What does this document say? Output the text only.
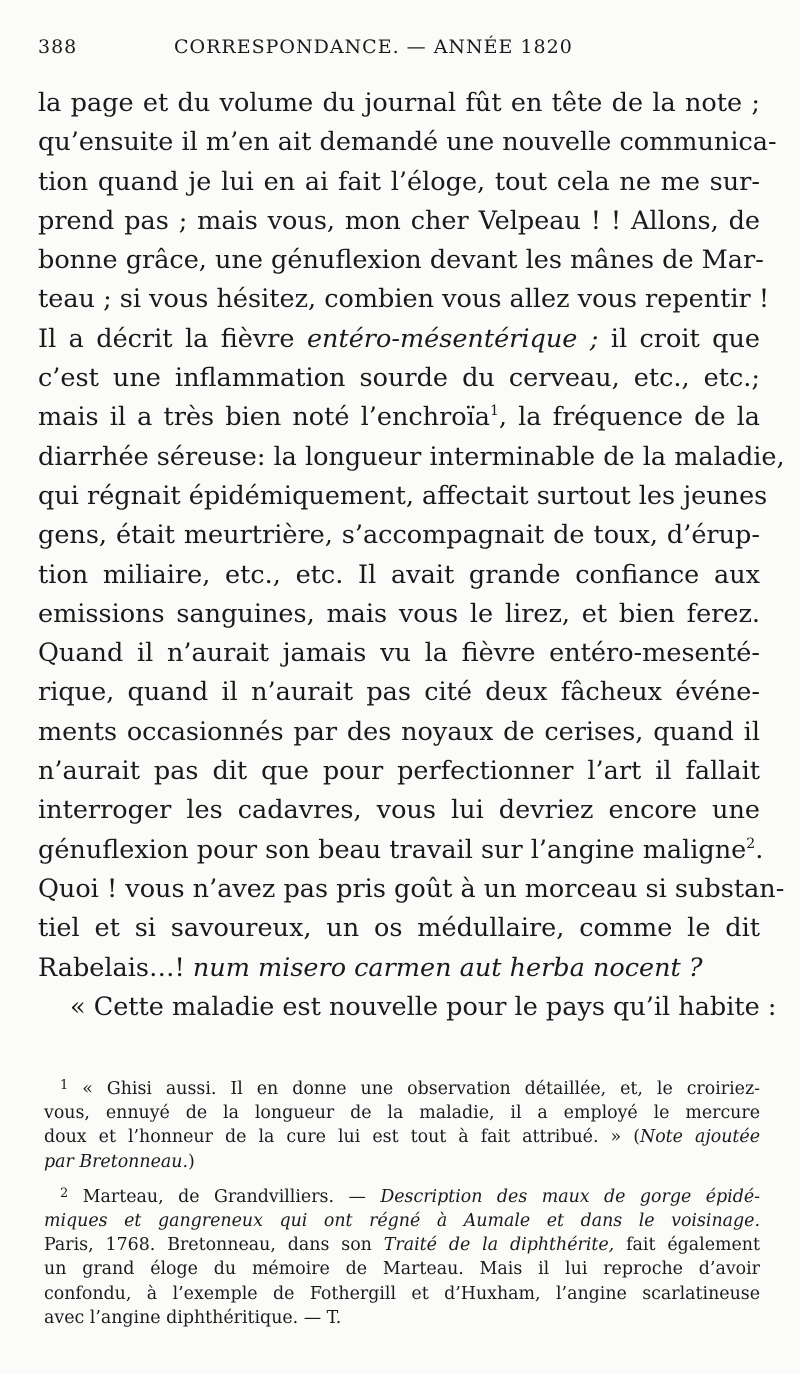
388	CORRESPONDANCE. — ANNÉE 1820
la page et du volume du journal fût en tête de la note ;
qu’ensuite il m’en ait demandé une nouvelle communica-
tion quand je lui en ai fait l’éloge, tout cela ne me sur-
prend pas ; mais vous, mon cher Velpeau ! ! Allons, de
bonne grâce, une génuflexion devant les mânes de Mar-
teau ; si vous hésitez, combien vous allez vous repentir !
Il a décrit la fièvre entéro-mésentérique ; il croit que
c’est une inflammation sourde du cerveau, etc., etc.;
mais il a très bien noté l’enchroïa$^1$, la fréquence de la
diarrhée séreuse: la longueur interminable de la maladie,
qui régnait épidémiquement, affectait surtout les jeunes
gens, était meurtrière, s’accompagnait de toux, d’érup-
tion miliaire, etc., etc. Il avait grande confiance aux
emissions sanguines, mais vous le lirez, et bien ferez.
Quand il n’aurait jamais vu la fièvre entéro-mesenté-
rique, quand il n’aurait pas cité deux fâcheux événe-
ments occasionnés par des noyaux de cerises, quand il
n’aurait pas dit que pour perfectionner l’art il fallait
interroger les cadavres, vous lui devriez encore une
génuflexion pour son beau travail sur l’angine maligne$^2$.
Quoi ! vous n’avez pas pris goût à un morceau si substan-
tiel et si savoureux, un os médullaire, comme le dit
Rabelais…! num misero carmen aut herba nocent ?
« Cette maladie est nouvelle pour le pays qu’il habite :
$^1$ « Ghisi aussi. Il en donne une observation détaillée, et, le croiriez-
vous, ennuyé de la longueur de la maladie, il a employé le mercure
doux et l’honneur de la cure lui est tout à fait attribué. » (Note ajoutée
par Bretonneau.)
$^2$ Marteau, de Grandvilliers. — Description des maux de gorge épidé-
miques et gangreneux qui ont régné à Aumale et dans le voisinage.
Paris, 1768. Bretonneau, dans son Traité de la diphthérite, fait également
un grand éloge du mémoire de Marteau. Mais il lui reproche d’avoir
confondu, à l’exemple de Fothergill et d’Huxham, l’angine scarlatineuse
avec l’angine diphthéritique. — T.
